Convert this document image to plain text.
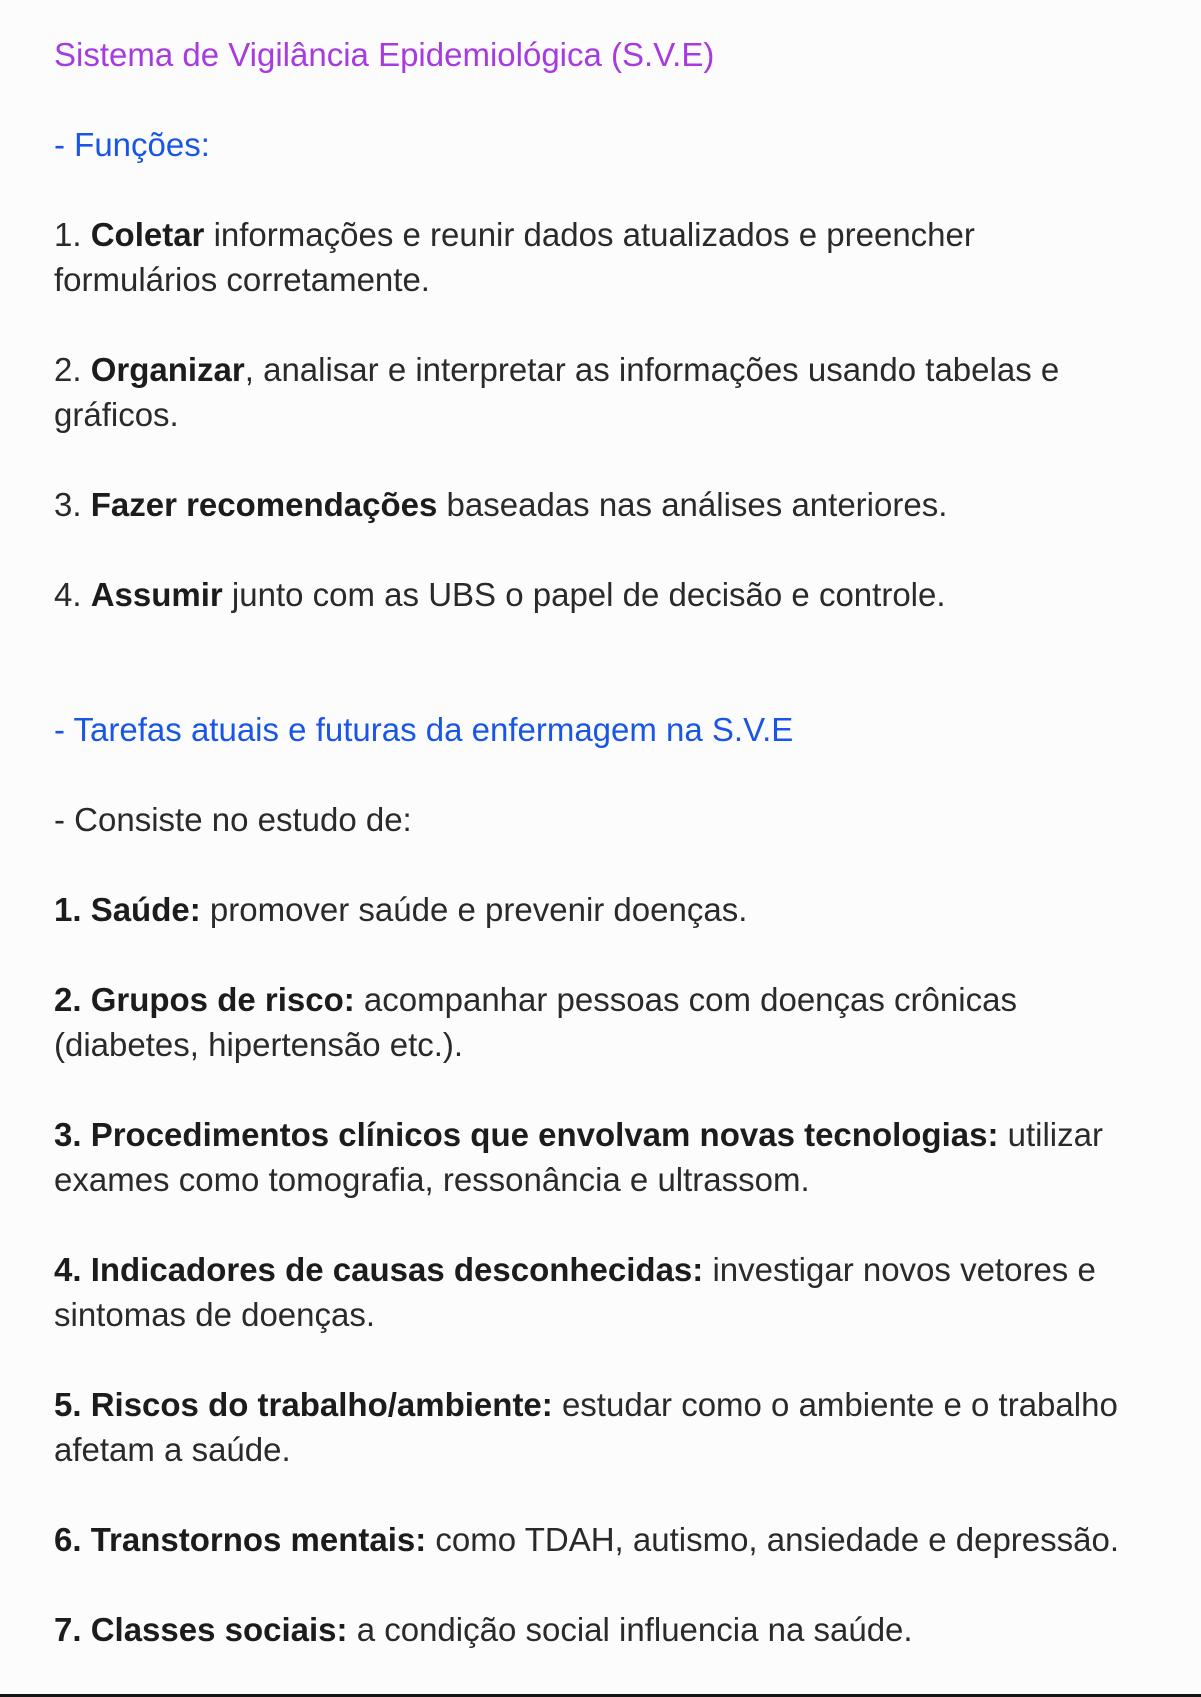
Sistema de Vigilância Epidemiológica (S.V.E)
- Funções:
1. Coletar informações e reunir dados atualizados e preencher
formulários corretamente.
2. Organizar, analisar e interpretar as informações usando tabelas e
gráficos.
3. Fazer recomendações baseadas nas análises anteriores.
4. Assumir junto com as UBS o papel de decisão e controle.
- Tarefas atuais e futuras da enfermagem na S.V.E
- Consiste no estudo de:
1. Saúde: promover saúde e prevenir doenças.
2. Grupos de risco: acompanhar pessoas com doenças crônicas
(diabetes, hipertensão etc.).
3. Procedimentos clínicos que envolvam novas tecnologias: utilizar
exames como tomografia, ressonância e ultrassom.
4. Indicadores de causas desconhecidas: investigar novos vetores e
sintomas de doenças.
5. Riscos do trabalho/ambiente: estudar como o ambiente e o trabalho
afetam a saúde.
6. Transtornos mentais: como TDAH, autismo, ansiedade e depressão.
7. Classes sociais: a condição social influencia na saúde.
